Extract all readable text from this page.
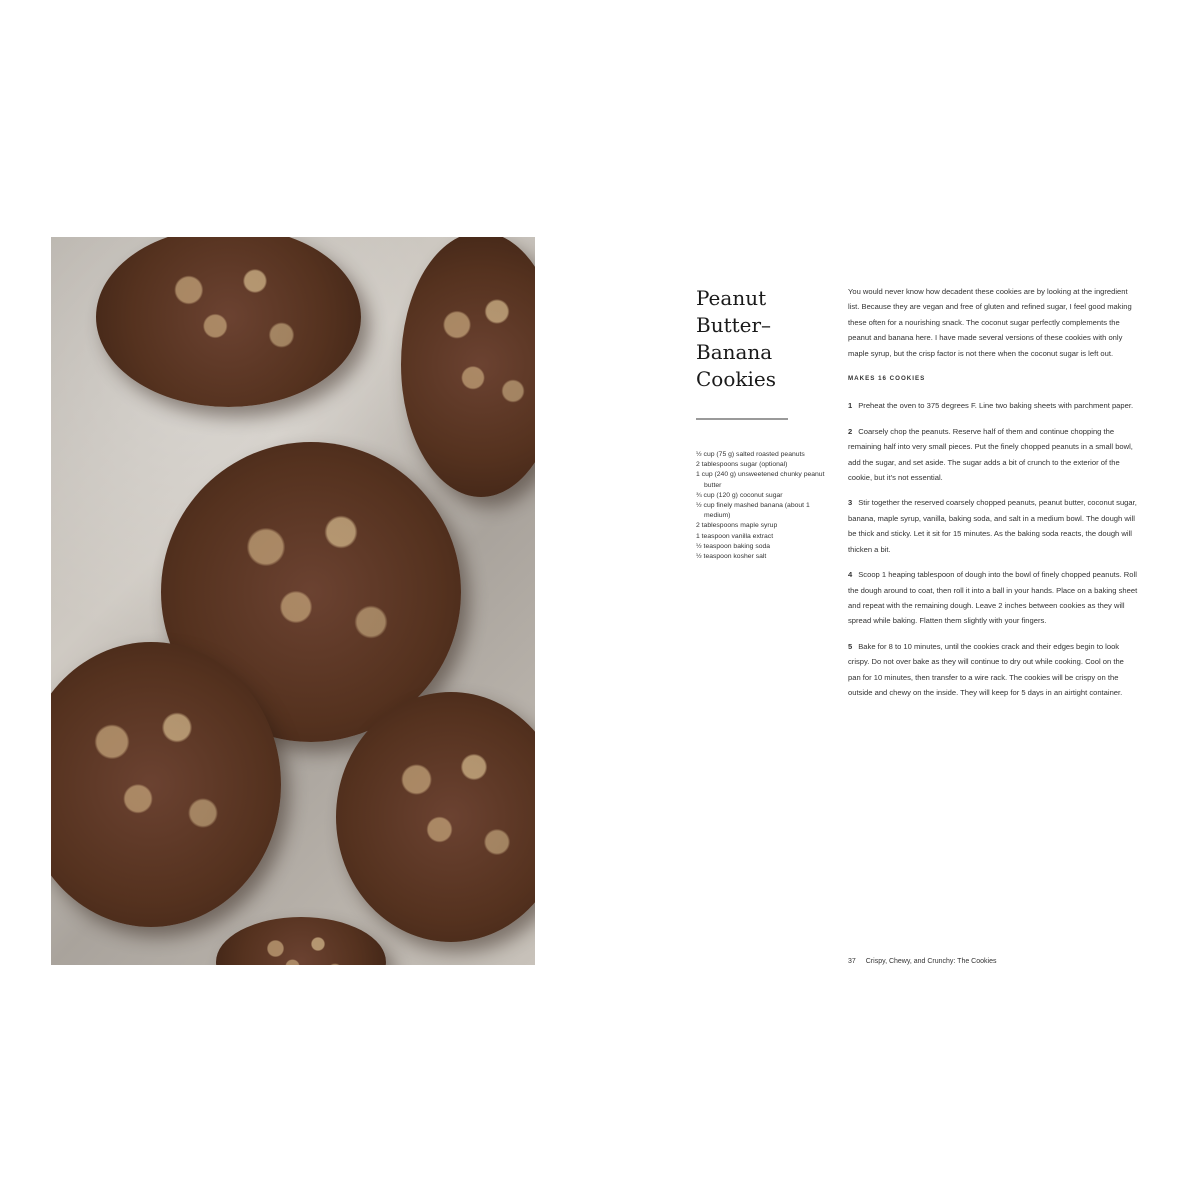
Peanut
Butter–
Banana
Cookies
½ cup (75 g) salted roasted peanuts
2 tablespoons sugar (optional)
1 cup (240 g) unsweetened chunky peanut butter
¾ cup (120 g) coconut sugar
½ cup finely mashed banana (about 1 medium)
2 tablespoons maple syrup
1 teaspoon vanilla extract
½ teaspoon baking soda
½ teaspoon kosher salt

You would never know how decadent these cookies are by looking at the ingredient list. Because they are vegan and free of gluten and refined sugar, I feel good making these often for a nourishing snack. The coconut sugar perfectly complements the peanut and banana here. I have made several versions of these cookies with only maple syrup, but the crisp factor is not there when the coconut sugar is left out.

MAKES 16 COOKIES

1 Preheat the oven to 375 degrees F. Line two baking sheets with parchment paper.

2 Coarsely chop the peanuts. Reserve half of them and continue chopping the remaining half into very small pieces. Put the finely chopped peanuts in a small bowl, add the sugar, and set aside. The sugar adds a bit of crunch to the exterior of the cookie, but it's not essential.

3 Stir together the reserved coarsely chopped peanuts, peanut butter, coconut sugar, banana, maple syrup, vanilla, baking soda, and salt in a medium bowl. The dough will be thick and sticky. Let it sit for 15 minutes. As the baking soda reacts, the dough will thicken a bit.

4 Scoop 1 heaping tablespoon of dough into the bowl of finely chopped peanuts. Roll the dough around to coat, then roll it into a ball in your hands. Place on a baking sheet and repeat with the remaining dough. Leave 2 inches between cookies as they will spread while baking. Flatten them slightly with your fingers.

5 Bake for 8 to 10 minutes, until the cookies crack and their edges begin to look crispy. Do not over bake as they will continue to dry out while cooking. Cool on the pan for 10 minutes, then transfer to a wire rack. The cookies will be crispy on the outside and chewy on the inside. They will keep for 5 days in an airtight container.

37 Crispy, Chewy, and Crunchy: The Cookies
